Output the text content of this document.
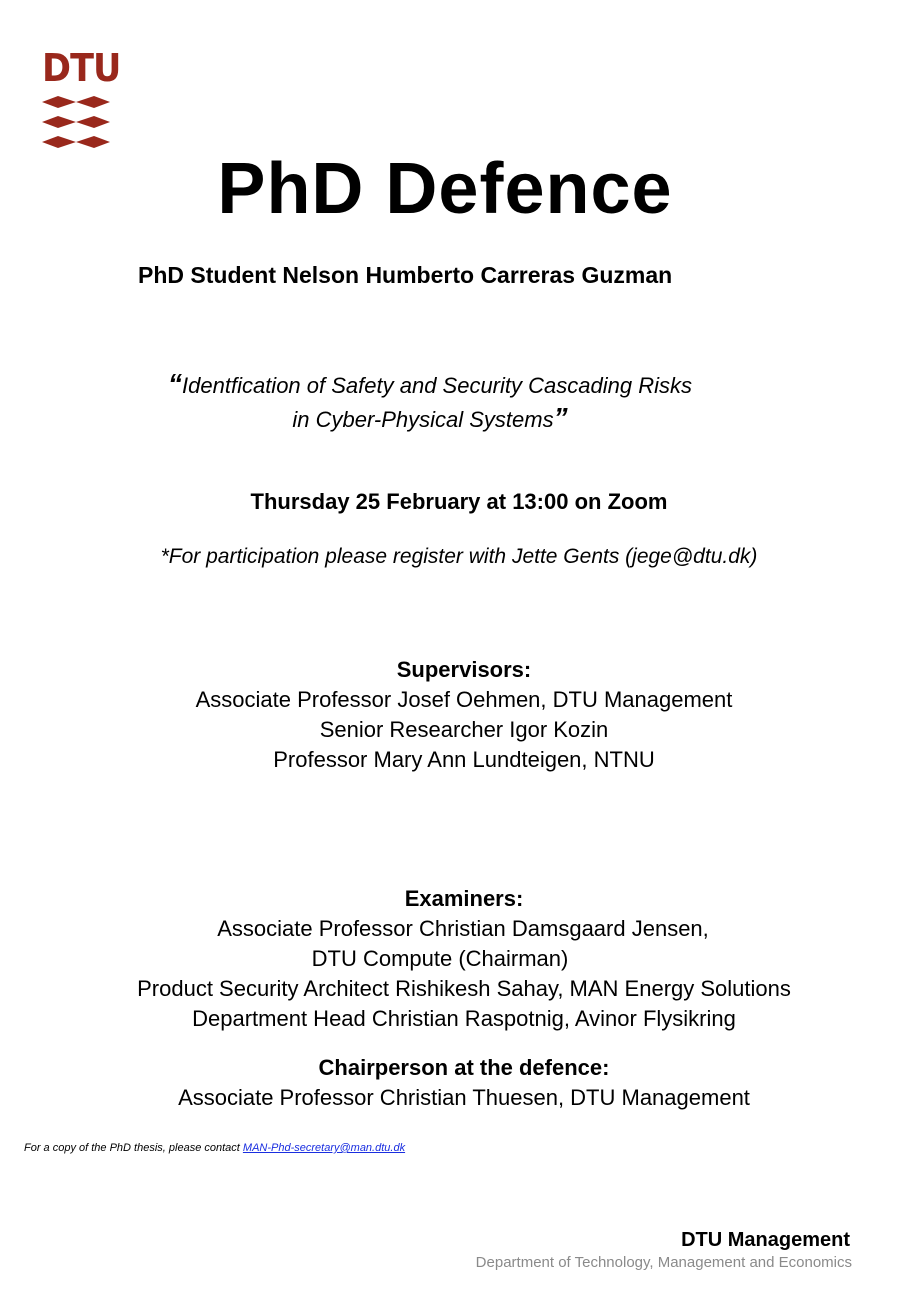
DTU
PhD Defence
PhD Student Nelson Humberto Carreras Guzman
“Identfication of Safety and Security Cascading Risks
in Cyber-Physical Systems”
Thursday 25 February at 13:00 on Zoom
*For participation please register with Jette Gents (jege@dtu.dk)
Supervisors:
Associate Professor Josef Oehmen, DTU Management
Senior Researcher Igor Kozin
Professor Mary Ann Lundteigen, NTNU
Examiners:
Associate Professor Christian Damsgaard Jensen,
DTU Compute (Chairman)
Product Security Architect Rishikesh Sahay, MAN Energy Solutions
Department Head Christian Raspotnig, Avinor Flysikring
Chairperson at the defence:
Associate Professor Christian Thuesen, DTU Management
For a copy of the PhD thesis, please contact MAN-Phd-secretary@man.dtu.dk
DTU Management
Department of Technology, Management and Economics
